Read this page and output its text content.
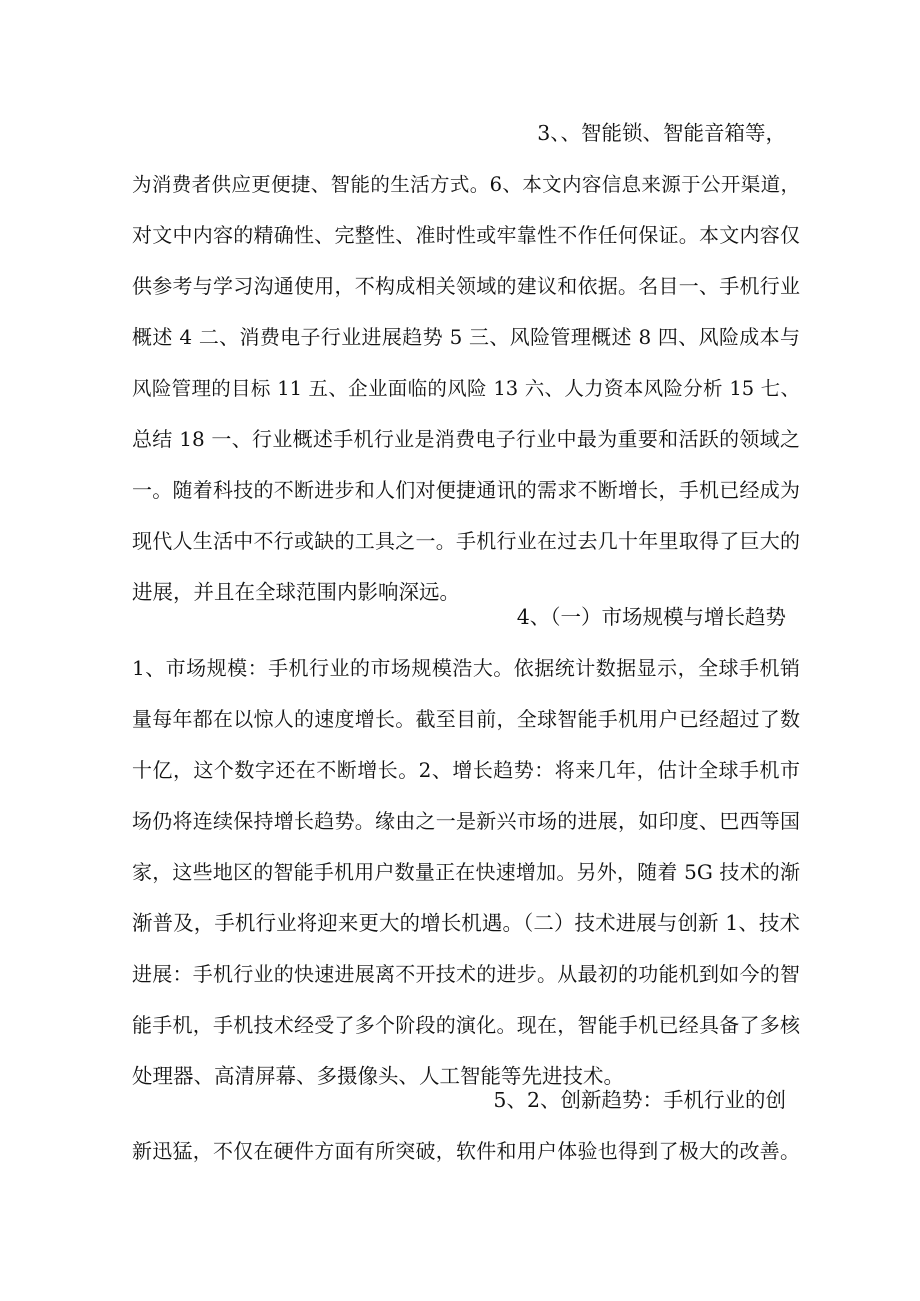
3、、智能锁、智能音箱等，
为消费者供应更便捷、智能的生活方式。6、本文内容信息来源于公开渠道，
对文中内容的精确性、完整性、准时性或牢靠性不作任何保证。本文内容仅
供参考与学习沟通使用，不构成相关领域的建议和依据。名目一、手机行业
概述 4 二、消费电子行业进展趋势 5 三、风险管理概述 8 四、风险成本与
风险管理的目标 11 五、企业面临的风险 13 六、人力资本风险分析 15 七、
总结 18 一、行业概述手机行业是消费电子行业中最为重要和活跃的领域之
一。随着科技的不断进步和人们对便捷通讯的需求不断增长，手机已经成为
现代人生活中不行或缺的工具之一。手机行业在过去几十年里取得了巨大的
进展，并且在全球范围内影响深远。
4、（一）市场规模与增长趋势
1、市场规模：手机行业的市场规模浩大。依据统计数据显示，全球手机销
量每年都在以惊人的速度增长。截至目前，全球智能手机用户已经超过了数
十亿，这个数字还在不断增长。2、增长趋势：将来几年，估计全球手机市
场仍将连续保持增长趋势。缘由之一是新兴市场的进展，如印度、巴西等国
家，这些地区的智能手机用户数量正在快速增加。另外，随着 5G 技术的渐
渐普及，手机行业将迎来更大的增长机遇。（二）技术进展与创新 1、技术
进展：手机行业的快速进展离不开技术的进步。从最初的功能机到如今的智
能手机，手机技术经受了多个阶段的演化。现在，智能手机已经具备了多核
处理器、高清屏幕、多摄像头、人工智能等先进技术。
5、2、创新趋势：手机行业的创
新迅猛，不仅在硬件方面有所突破，软件和用户体验也得到了极大的改善。
